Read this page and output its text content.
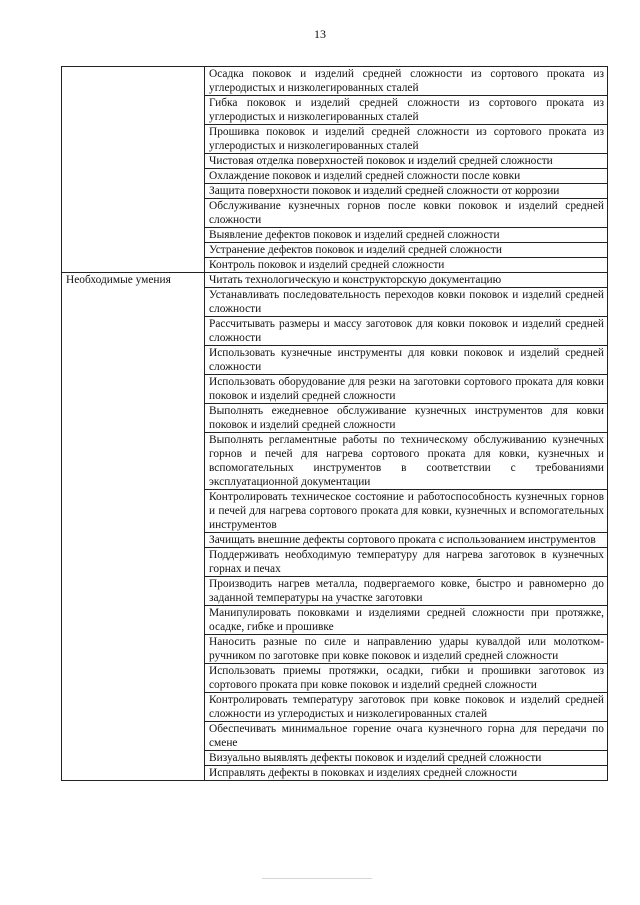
13
	Осадка поковок и изделий средней сложности из сортового проката из углеродистых и низколегированных сталей
	Гибка поковок и изделий средней сложности из сортового проката из углеродистых и низколегированных сталей
	Прошивка поковок и изделий средней сложности из сортового проката из углеродистых и низколегированных сталей
	Чистовая отделка поверхностей поковок и изделий средней сложности
	Охлаждение поковок и изделий средней сложности после ковки
	Защита поверхности поковок и изделий средней сложности от коррозии
	Обслуживание кузнечных горнов после ковки поковок и изделий средней сложности
	Выявление дефектов поковок и изделий средней сложности
	Устранение дефектов поковок и изделий средней сложности
	Контроль поковок и изделий средней сложности
Необходимые умения	Читать технологическую и конструкторскую документацию
	Устанавливать последовательность переходов ковки поковок и изделий средней сложности
	Рассчитывать размеры и массу заготовок для ковки поковок и изделий средней сложности
	Использовать кузнечные инструменты для ковки поковок и изделий средней сложности
	Использовать оборудование для резки на заготовки сортового проката для ковки поковок и изделий средней сложности
	Выполнять ежедневное обслуживание кузнечных инструментов для ковки поковок и изделий средней сложности
	Выполнять регламентные работы по техническому обслуживанию кузнечных горнов и печей для нагрева сортового проката для ковки, кузнечных и вспомогательных инструментов в соответствии с требованиями эксплуатационной документации
	Контролировать техническое состояние и работоспособность кузнечных горнов и печей для нагрева сортового проката для ковки, кузнечных и вспомогательных инструментов
	Зачищать внешние дефекты сортового проката с использованием инструментов
	Поддерживать необходимую температуру для нагрева заготовок в кузнечных горнах и печах
	Производить нагрев металла, подвергаемого ковке, быстро и равномерно до заданной температуры на участке заготовки
	Манипулировать поковками и изделиями средней сложности при протяжке, осадке, гибке и прошивке
	Наносить разные по силе и направлению удары кувалдой или молотком-ручником по заготовке при ковке поковок и изделий средней сложности
	Использовать приемы протяжки, осадки, гибки и прошивки заготовок из сортового проката при ковке поковок и изделий средней сложности
	Контролировать температуру заготовок при ковке поковок и изделий средней сложности из углеродистых и низколегированных сталей
	Обеспечивать минимальное горение очага кузнечного горна для передачи по смене
	Визуально выявлять дефекты поковок и изделий средней сложности
	Исправлять дефекты в поковках и изделиях средней сложности
